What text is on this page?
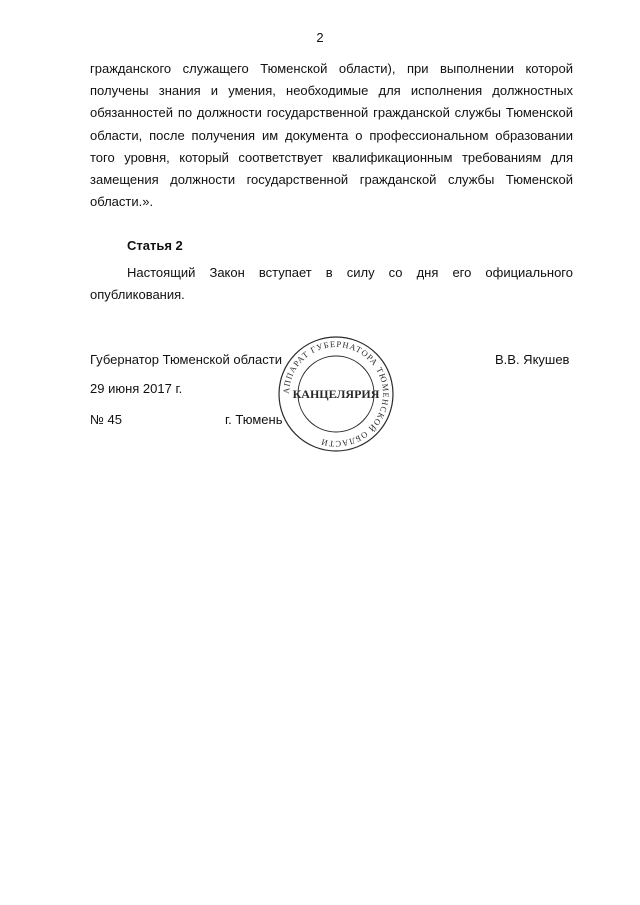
2

гражданского служащего Тюменской области), при выполнении которой получены знания и умения, необходимые для исполнения должностных обязанностей по должности государственной гражданской службы Тюменской области, после получения им документа о профессиональном образовании того уровня, который соответствует квалификационным требованиям для замещения должности государственной гражданской службы Тюменской области.».

Статья 2

Настоящий Закон вступает в силу со дня его официального опубликования.

Губернатор Тюменской области	В.В. Якушев

29 июня 2017 г.

№ 45	г. Тюмень

АППАРАТ ГУБЕРНАТОРА ТЮМЕНСКОЙ ОБЛАСТИ
КАНЦЕЛЯРИЯ
